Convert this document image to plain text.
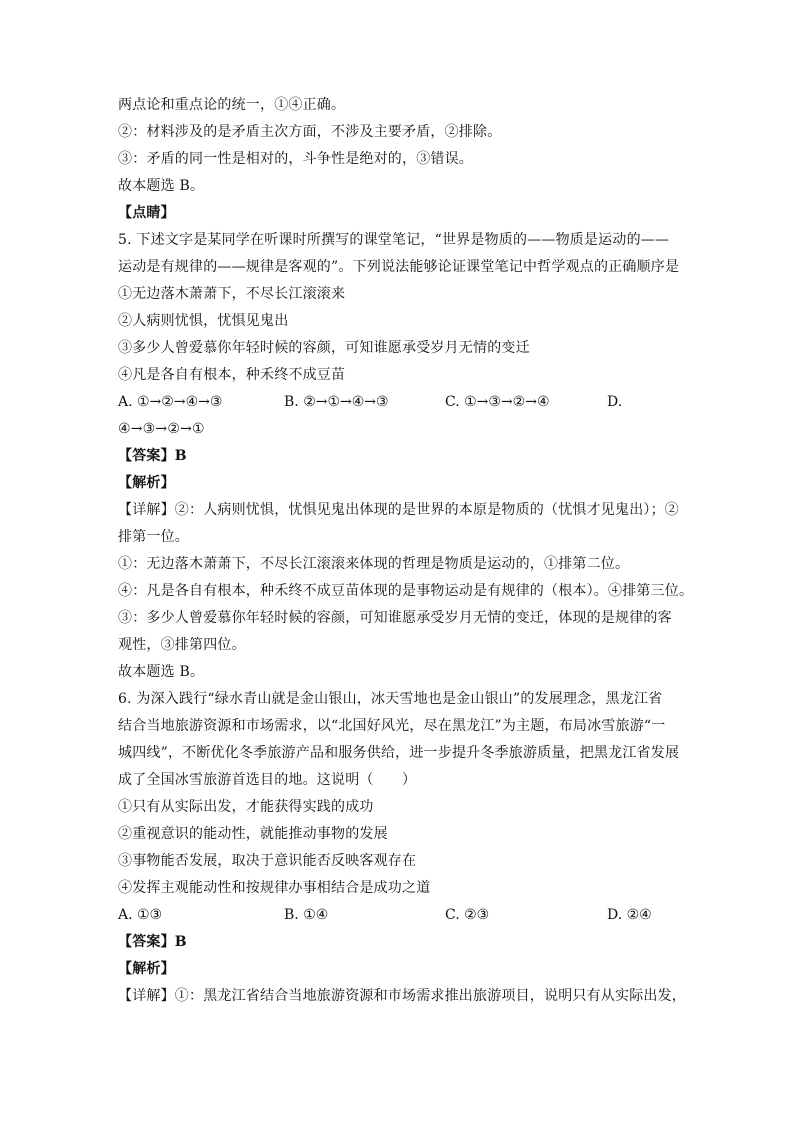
两点论和重点论的统一，①④正确。
②：材料涉及的是矛盾主次方面，不涉及主要矛盾，②排除。
③：矛盾的同一性是相对的，斗争性是绝对的，③错误。
故本题选 B。
【点睛】
5. 下述文字是某同学在听课时所撰写的课堂笔记，“世界是物质的——物质是运动的——
运动是有规律的——规律是客观的”。下列说法能够论证课堂笔记中哲学观点的正确顺序是
①无边落木萧萧下，不尽长江滚滚来
②人病则忧惧，忧惧见鬼出
③多少人曾爱慕你年轻时候的容颜，可知谁愿承受岁月无情的变迁
④凡是各自有根本，种禾终不成豆苗
A. ①→②→④→③	B. ②→①→④→③	C. ①→③→②→④	D.
④→③→②→①
【答案】B
【解析】
【详解】②：人病则忧惧，忧惧见鬼出体现的是世界的本原是物质的（忧惧才见鬼出）；②
排第一位。
①：无边落木萧萧下，不尽长江滚滚来体现的哲理是物质是运动的，①排第二位。
④：凡是各自有根本，种禾终不成豆苗体现的是事物运动是有规律的（根本）。④排第三位。
③：多少人曾爱慕你年轻时候的容颜，可知谁愿承受岁月无情的变迁，体现的是规律的客
观性，③排第四位。
故本题选 B。
6. 为深入践行“绿水青山就是金山银山，冰天雪地也是金山银山”的发展理念，黑龙江省
结合当地旅游资源和市场需求，以“北国好风光，尽在黑龙江”为主题，布局冰雪旅游“一
城四线”，不断优化冬季旅游产品和服务供给，进一步提升冬季旅游质量，把黑龙江省发展
成了全国冰雪旅游首选目的地。这说明（　　）
①只有从实际出发，才能获得实践的成功
②重视意识的能动性，就能推动事物的发展
③事物能否发展，取决于意识能否反映客观存在
④发挥主观能动性和按规律办事相结合是成功之道
A. ①③	B. ①④	C. ②③	D. ②④
【答案】B
【解析】
【详解】①：黑龙江省结合当地旅游资源和市场需求推出旅游项目，说明只有从实际出发，
